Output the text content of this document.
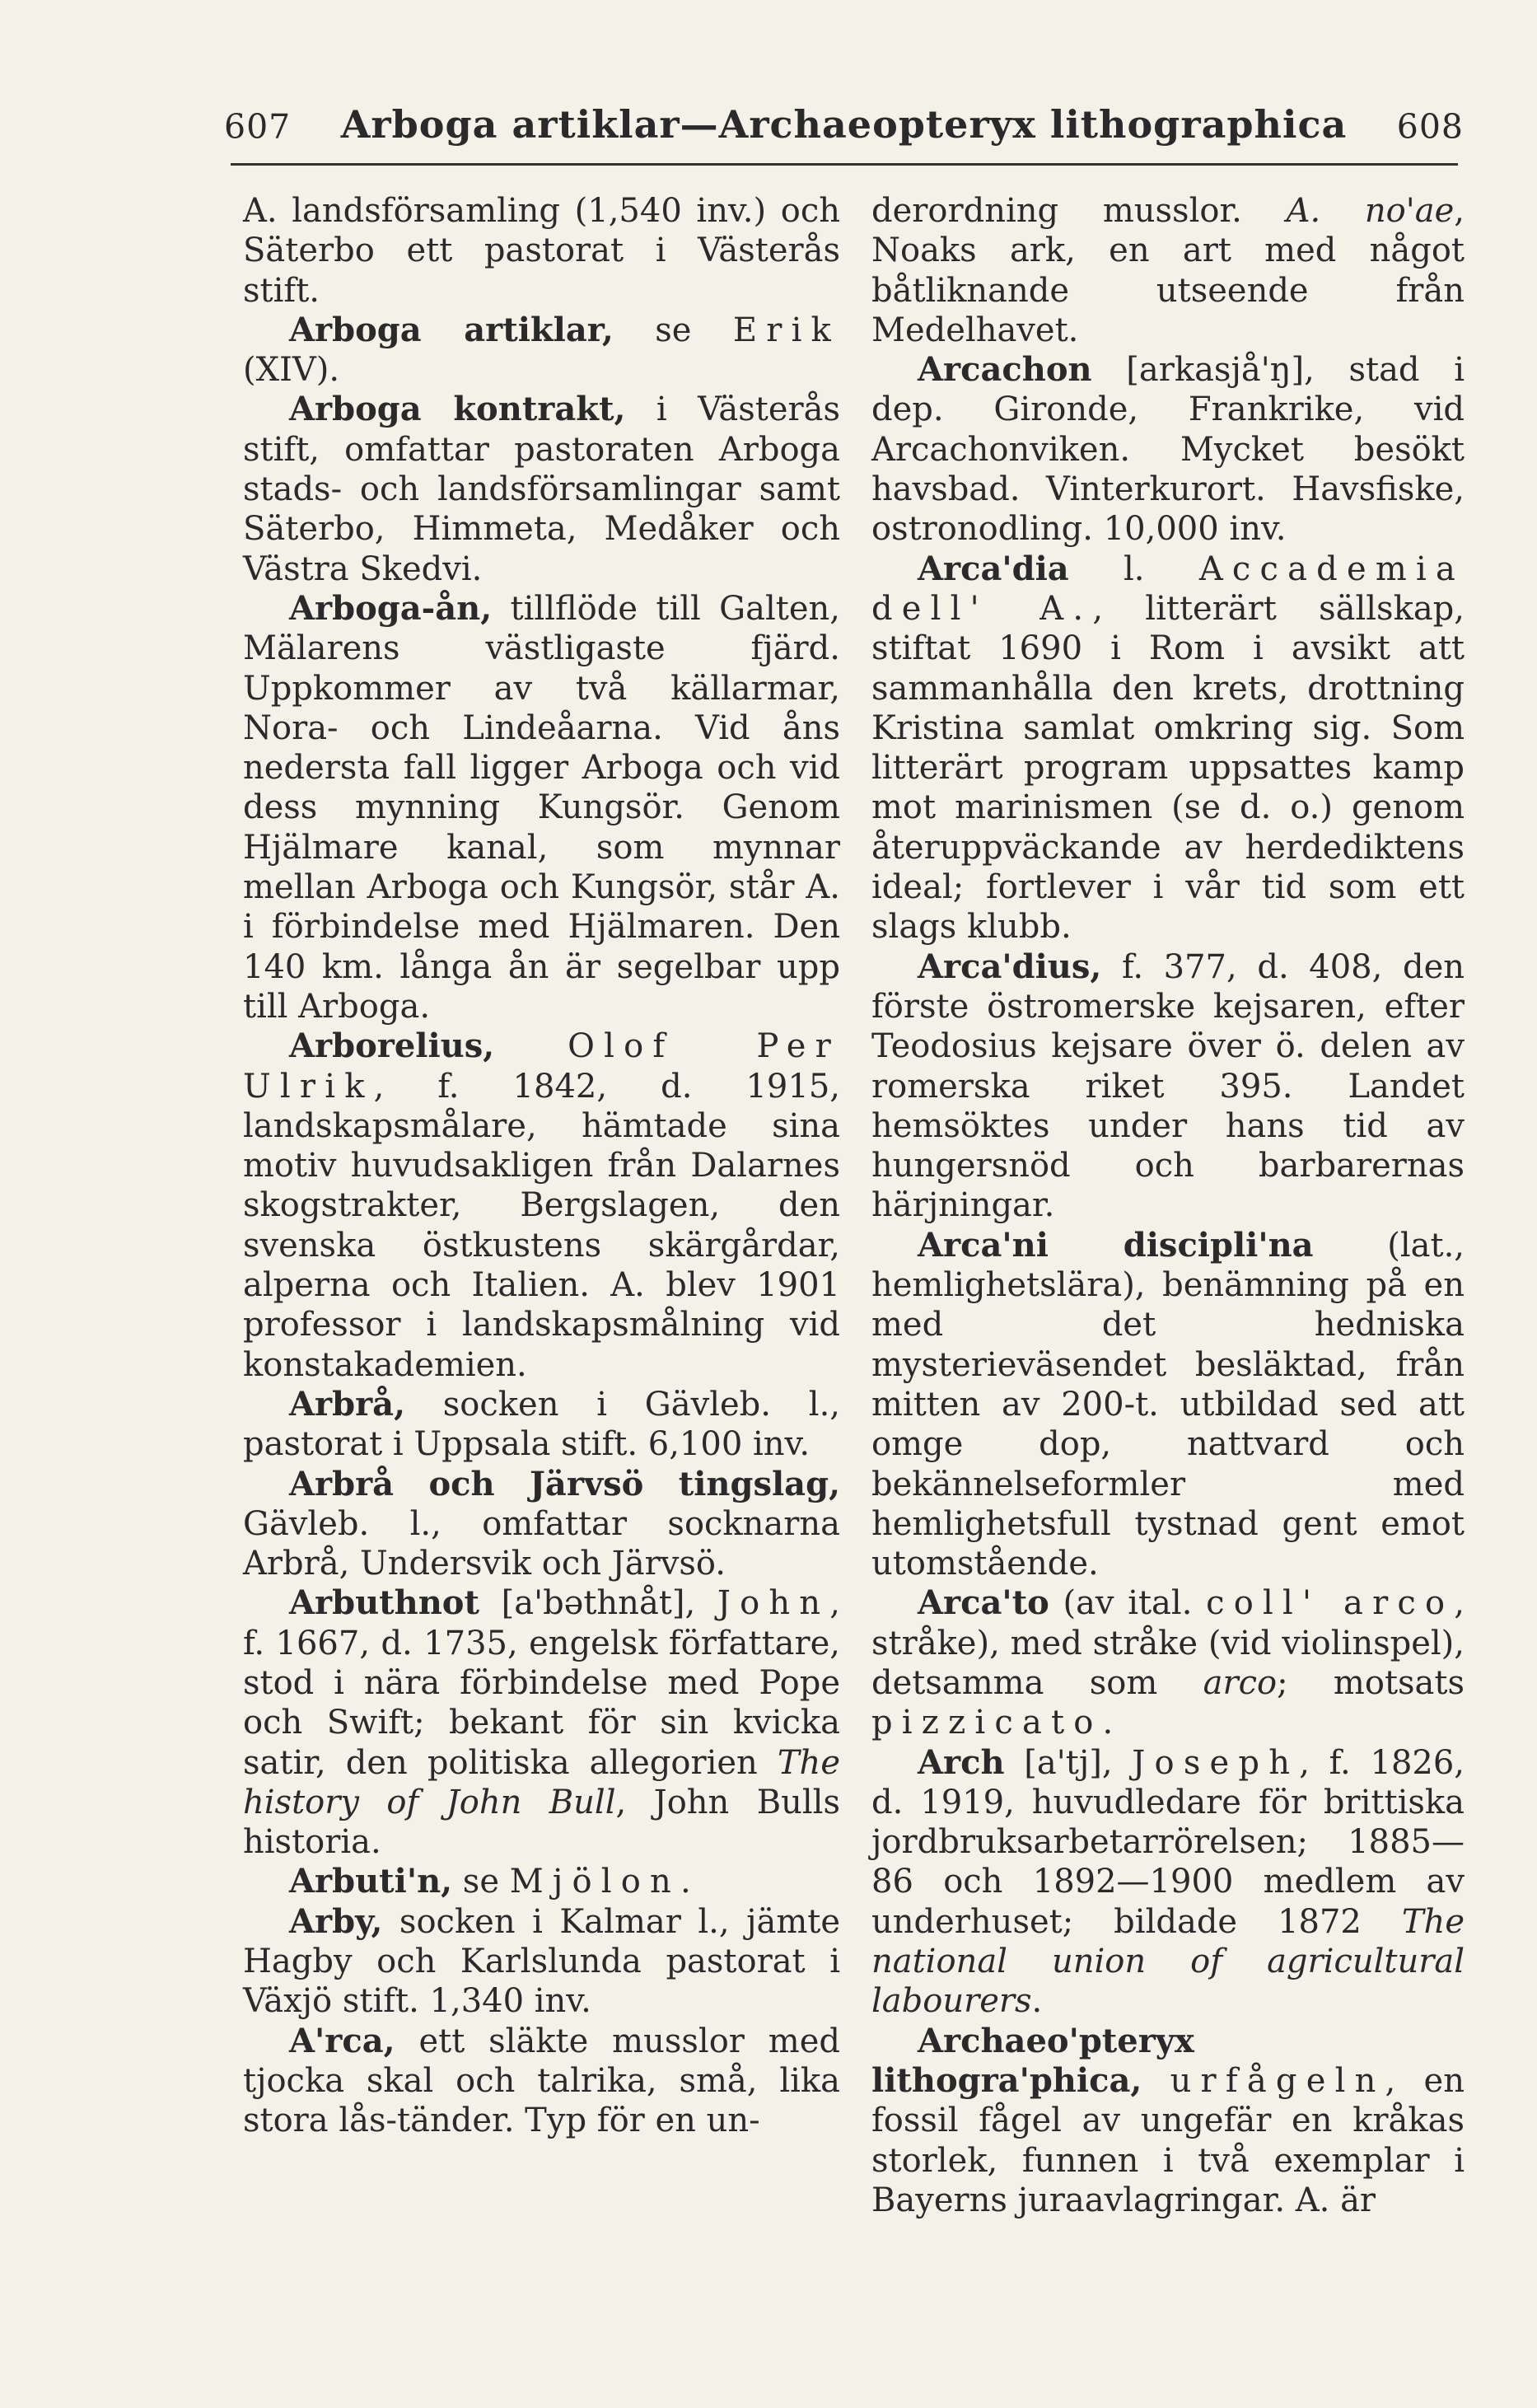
607	Arboga artiklar—Archaeopteryx lithographica	608

A. landsförsamling (1,540 inv.) och Säterbo ett pastorat i Västerås stift.

Arboga artiklar, se Erik (XIV).

Arboga kontrakt, i Västerås stift, omfattar pastoraten Arboga stads- och landsförsamlingar samt Säterbo, Himmeta, Medåker och Västra Skedvi.

Arboga-ån, tillflöde till Galten, Mälarens västligaste fjärd. Uppkommer av två källarmar, Nora- och Lindeåarna. Vid åns nedersta fall ligger Arboga och vid dess mynning Kungsör. Genom Hjälmare kanal, som mynnar mellan Arboga och Kungsör, står A. i förbindelse med Hjälmaren. Den 140 km. långa ån är segelbar upp till Arboga.

Arborelius, Olof Per Ulrik, f. 1842, d. 1915, landskapsmålare, hämtade sina motiv huvudsakligen från Dalarnes skogstrakter, Bergslagen, den svenska östkustens skärgårdar, alperna och Italien. A. blev 1901 professor i landskapsmålning vid konstakademien.

Arbrå, socken i Gävleb. l., pastorat i Uppsala stift. 6,100 inv.

Arbrå och Järvsö tingslag, Gävleb. l., omfattar socknarna Arbrå, Undersvik och Järvsö.

Arbuthnot [a'bəthnåt], John, f. 1667, d. 1735, engelsk författare, stod i nära förbindelse med Pope och Swift; bekant för sin kvicka satir, den politiska allegorien The history of John Bull, John Bulls historia.

Arbuti'n, se Mjölon.

Arby, socken i Kalmar l., jämte Hagby och Karlslunda pastorat i Växjö stift. 1,340 inv.

A'rca, ett släkte musslor med tjocka skal och talrika, små, lika stora lås-tänder. Typ för en un-

derordning musslor. A. no'ae, Noaks ark, en art med något båtliknande utseende från Medelhavet.

Arcachon [arkasjå'ŋ], stad i dep. Gironde, Frankrike, vid Arcachonviken. Mycket besökt havsbad. Vinterkurort. Havsfiske, ostronodling. 10,000 inv.

Arca'dia l. Accademia dell' A., litterärt sällskap, stiftat 1690 i Rom i avsikt att sammanhålla den krets, drottning Kristina samlat omkring sig. Som litterärt program uppsattes kamp mot marinismen (se d. o.) genom återuppväckande av herdediktens ideal; fortlever i vår tid som ett slags klubb.

Arca'dius, f. 377, d. 408, den förste östromerske kejsaren, efter Teodosius kejsare över ö. delen av romerska riket 395. Landet hemsöktes under hans tid av hungersnöd och barbarernas härjningar.

Arca'ni discipli'na (lat., hemlighetslära), benämning på en med det hedniska mysterieväsendet besläktad, från mitten av 200-t. utbildad sed att omge dop, nattvard och bekännelseformler med hemlighetsfull tystnad gent emot utomstående.

Arca'to (av ital. coll' arco, stråke), med stråke (vid violinspel), detsamma som arco; motsats pizzicato.

Arch [a'tj], Joseph, f. 1826, d. 1919, huvudledare för brittiska jordbruksarbetarrörelsen; 1885—86 och 1892—1900 medlem av underhuset; bildade 1872 The national union of agricultural labourers.

Archaeo'pteryx lithogra'phica, urfågeln, en fossil fågel av ungefär en kråkas storlek, funnen i två exemplar i Bayerns juraavlagringar. A. är
